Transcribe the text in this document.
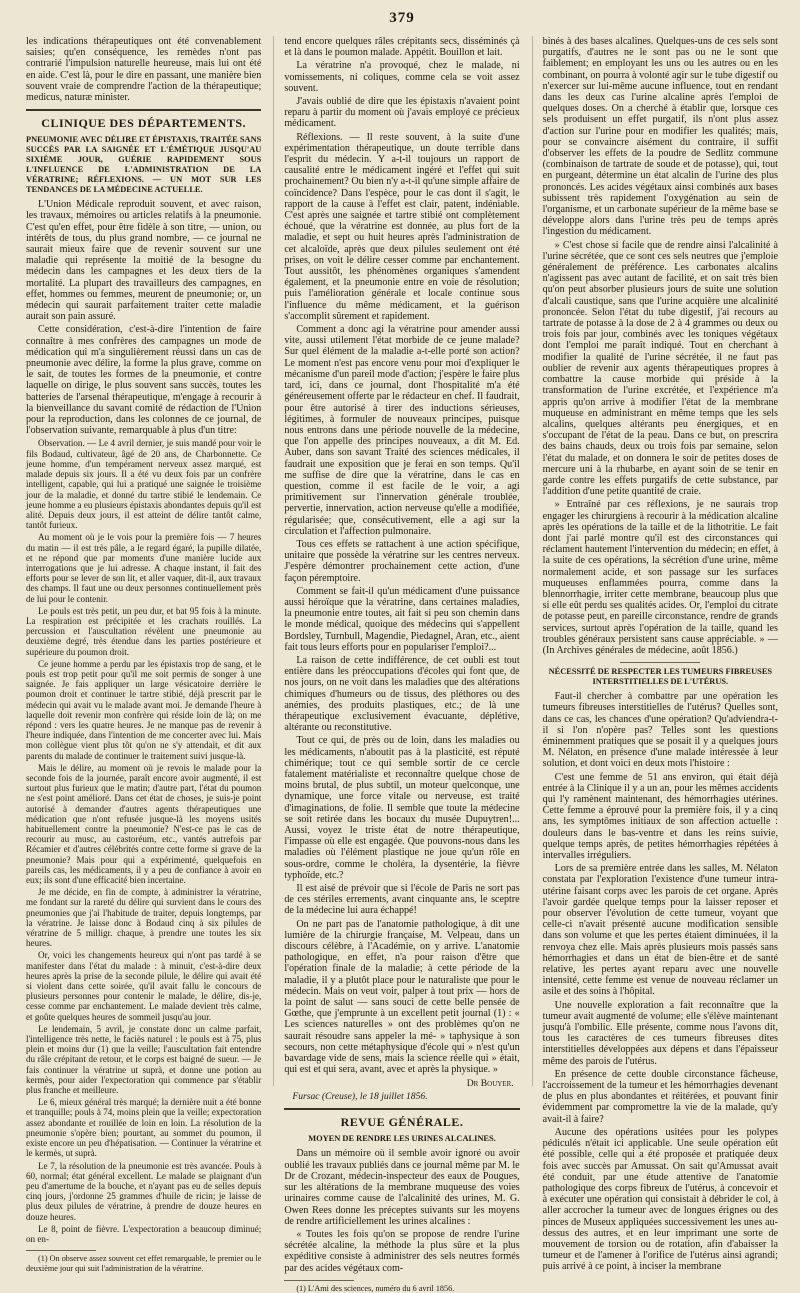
379

les indications thérapeutiques ont été convenablement saisies; qu'en conséquence, les remèdes n'ont pas contrarié l'impulsion naturelle heureuse, mais lui ont été en aide. C'est là, pour le dire en passant, une manière bien souvent vraie de comprendre l'action de la thérapeutique; medicus, naturæ minister.

CLINIQUE DES DÉPARTEMENTS.
PNEUMONIE AVEC DÉLIRE ET ÉPISTAXIS, TRAITÉE SANS SUCCÈS PAR LA SAIGNÉE ET L'ÉMÉTIQUE JUSQU'AU SIXIÈME JOUR, GUÉRIE RAPIDEMENT SOUS L'INFLUENCE DE L'ADMINISTRATION DE LA VÉRATRINE; RÉFLEXIONS. — UN MOT SUR LES TENDANCES DE LA MÉDECINE ACTUELLE.

L'Union Médicale reproduit souvent, et avec raison, les travaux, mémoires ou articles relatifs à la pneumonie. C'est qu'en effet, pour être fidèle à son titre, — union, ou intérêts de tous, du plus grand nombre, — ce journal ne saurait mieux faire que de revenir souvent sur une maladie qui représente la moitié de la besogne du médecin dans les campagnes et les deux tiers de la mortalité. La plupart des travailleurs des campagnes, en effet, hommes ou femmes, meurent de pneumonie; or, un médecin qui saurait parfaitement traiter cette maladie aurait son pain assuré.

Cette considération, c'est-à-dire l'intention de faire connaître à mes confrères des campagnes un mode de médication qui m'a singulièrement réussi dans un cas de pneumonie avec délire, la forme la plus grave, comme on le sait, de toutes les formes de la pneumonie, et contre laquelle on dirige, le plus souvent sans succès, toutes les batteries de l'arsenal thérapeutique, m'engage à recourir à la bienveillance du savant comité de rédaction de l'Union pour la reproduction, dans les colonnes de ce journal, de l'observation suivante, remarquable à plus d'un titre:

Observation. — Le 4 avril dernier, je suis mandé pour voir le fils Bodaud, cultivateur, âgé de 20 ans, de Charbonnette. Ce jeune homme, d'un tempérament nerveux assez marqué, est malade depuis six jours. Il a été vu deux fois par un confrère intelligent, capable, qui lui a pratiqué une saignée le troisième jour de la maladie, et donné du tartre stibié le lendemain. Ce jeune homme a eu plusieurs épistaxis abondantes depuis qu'il est alité. Depuis deux jours, il est atteint de délire tantôt calme, tantôt furieux.

Au moment où je le vois pour la première fois — 7 heures du matin — il est très pâle, a le regard égaré, la pupille dilatée, et ne répond que par moments d'une manière lucide aux interrogations que je lui adresse. A chaque instant, il fait des efforts pour se lever de son lit, et aller vaquer, dit-il, aux travaux des champs. Il faut une ou deux personnes continuellement près de lui pour le contenir.

Le pouls est très petit, un peu dur, et bat 95 fois à la minute. La respiration est précipitée et les crachats rouillés. La percussion et l'auscultation révèlent une pneumonie au deuxième degré, très étendue dans les parties postérieure et supérieure du poumon droit.

Ce jeune homme a perdu par les épistaxis trop de sang, et le pouls est trop petit pour qu'il me soit permis de songer à une saignée. Je fais appliquer un large vésicatoire derrière le poumon droit et continuer le tartre stibié, déjà prescrit par le médecin qui avait vu le malade avant moi. Je demande l'heure à laquelle doit revenir mon confrère qui réside loin de là; on me répond : vers les quatre heures. Je ne manque pas de revenir à l'heure indiquée, dans l'intention de me concerter avec lui. Mais mon collègue vient plus tôt qu'on ne s'y attendait, et dit aux parents du malade de continuer le traitement suivi jusque-là.

Mais le délire, au moment où je revois le malade pour la seconde fois de la journée, paraît encore avoir augmenté, il est surtout plus furieux que le matin; d'autre part, l'état du poumon ne s'est point amélioré. Dans cet état de choses, je suis-je point autorisé à demander d'autres agents thérapeutiques une médication que n'ont refusée jusque-là les moyens usités habituellement contre la pneumonie? N'est-ce pas le cas de recourir au musc, au castoréum, etc., vantés autrefois par Récamier et d'autres célébrités contre cette forme si grave de la pneumonie? Mais pour qui a expérimenté, quelquefois en pareils cas, les médicaments, il y a peu de confiance à avoir en eux; ils sont d'une efficacité bien incertaine.

Je me décide, en fin de compte, à administrer la vératrine, me fondant sur la rareté du délire qui survient dans le cours des pneumonies que j'ai l'habitude de traiter, depuis longtemps, par la vératrine. Je laisse donc à Bodaud cinq à six pilules de vératrine de 5 milligr. chaque, à prendre une toutes les six heures.

Or, voici les changements heureux qui n'ont pas tardé à se manifester dans l'état du malade : à minuit, c'est-à-dire deux heures après la prise de la seconde pilule, le délire qui avait été si violent dans cette soirée, qu'il avait fallu le concours de plusieurs personnes pour contenir le malade, le délire, dis-je, cesse comme par enchantement. Le malade devient très calme, et goûte quelques heures de sommeil jusqu'au jour.

Le lendemain, 5 avril, je constate donc un calme parfait, l'intelligence très nette, le faciès naturel : le pouls est à 75, plus plein et moins dur (1) que la veille; l'auscultation fait entendre du râle crépitant de retour, et le corps est baigné de sueur. — Je fais continuer la vératrine ut suprà, et donne une potion au kermès, pour aider l'expectoration qui commence par s'établir plus franche et meilleure.

Le 6, mieux général très marqué; la dernière nuit a été bonne et tranquille; pouls à 74, moins plein que la veille; expectoration assez abondante et rouillée de loin en loin. La résolution de la pneumonie s'opère bien; pourtant, au sommet du poumon, il existe encore un peu d'hépatisation. — Continuer la vératrine et le kermès, ut suprà.

Le 7, la résolution de la pneumonie est très avancée. Pouls à 60, normal; état général excellent. Le malade se plaignant d'un peu d'amertume de la bouche, et n'ayant pas eu de selles depuis cinq jours, j'ordonne 25 grammes d'huile de ricin; je laisse de plus deux pilules de vératrine, à prendre de douze heures en douze heures.

Le 8, point de fièvre. L'expectoration a beaucoup diminué; on en-

(1) On observe assez souvent cet effet remarquable, le premier ou le deuxième jour qui suit l'administration de la vératrine.

tend encore quelques râles crépitants secs, disséminés çà et là dans le poumon malade. Appétit. Bouillon et lait.

La vératrine n'a provoqué, chez le malade, ni vomissements, ni coliques, comme cela se voit assez souvent.

J'avais oublié de dire que les épistaxis n'avaient point reparu à partir du moment où j'avais employé ce précieux médicament.

Réflexions. — Il reste souvent, à la suite d'une expérimentation thérapeutique, un doute terrible dans l'esprit du médecin. Y a-t-il toujours un rapport de causalité entre le médicament ingéré et l'effet qui suit prochainement? Ou bien n'y a-t-il qu'une simple affaire de coïncidence? Dans l'espèce, pour le cas dont il s'agit, le rapport de la cause à l'effet est clair, patent, indéniable. C'est après une saignée et tartre stibié ont complètement échoué, que la vératrine est donnée, au plus fort de la maladie, et sept ou huit heures après l'administration de cet alcaloïde, après que deux pilules seulement ont été prises, on voit le délire cesser comme par enchantement. Tout aussitôt, les phénomènes organiques s'amendent également, et la pneumonie entre en voie de résolution; puis l'amélioration générale et locale continue sous l'influence du même médicament, et la guérison s'accomplit sûrement et rapidement.

Comment a donc agi la vératrine pour amender aussi vite, aussi utilement l'état morbide de ce jeune malade? Sur quel élément de la maladie a-t-elle porté son action? Le moment n'est pas encore venu pour moi d'expliquer le mécanisme d'un pareil mode d'action; j'espère le faire plus tard, ici, dans ce journal, dont l'hospitalité m'a été généreusement offerte par le rédacteur en chef. Il faudrait, pour être autorisé à tirer des inductions sérieuses, légitimes, à formuler de nouveaux principes, puisque nous entrons dans une période nouvelle de la médecine, que l'on appelle des principes nouveaux, a dit M. Ed. Auber, dans son savant Traité des sciences médicales, il faudrait une exposition que je ferai en son temps. Qu'il me suffise de dire que la vératrine, dans le cas en question, comme il est facile de le voir, a agi primitivement sur l'innervation générale troublée, pervertie, innervation, action nerveuse qu'elle a modifiée, régularisée; que, consécutivement, elle a agi sur la circulation et l'affection pulmonaire.

Tous ces effets se rattachent à une action spécifique, unitaire que possède la vératrine sur les centres nerveux. J'espère démontrer prochainement cette action, d'une façon péremptoire.

Comment se fait-il qu'un médicament d'une puissance aussi héroïque que la vératrine, dans certaines maladies, la pneumonie entre toutes, ait fait si peu son chemin dans le monde médical, quoique des médecins qui s'appellent Bordsley, Turnbull, Magendie, Piedagnel, Aran, etc., aient fait tous leurs efforts pour en populariser l'emploi?...

La raison de cette indifférence, de cet oubli est tout entière dans les préoccupations d'écoles qui font que, de nos jours, on ne voit dans les maladies que des altérations chimiques d'humeurs ou de tissus, des pléthores ou des anémies, des produits plastiques, etc.; de là une thérapeutique exclusivement évacuante, déplétive, altérante ou reconstitutive.

Tout ce qui, de près ou de loin, dans les maladies ou les médicaments, n'aboutit pas à la plasticité, est réputé chimérique; tout ce qui semble sortir de ce cercle fatalement matérialiste et reconnaître quelque chose de moins brutal, de plus subtil, un moteur quelconque, une dynamique, une force vitale ou nerveuse, est traité d'imaginations, de folie. Il semble que toute la médecine se soit retirée dans les bocaux du musée Dupuytren!... Aussi, voyez le triste état de notre thérapeutique, l'impasse où elle est engagée. Que pouvons-nous dans les maladies où l'élément plastique ne joue qu'un rôle en sous-ordre, comme le choléra, la dysentérie, la fièvre typhoïde, etc.?

Il est aisé de prévoir que si l'école de Paris ne sort pas de ces stériles errements, avant cinquante ans, le sceptre de la médecine lui aura échappé!

On ne part pas de l'anatomie pathologique, à dit une lumière de la chirurgie française, M. Velpeau, dans un discours célèbre, à l'Académie, on y arrive. L'anatomie pathologique, en effet, n'a pour raison d'être que l'opération finale de la maladie; à cette période de la maladie, il y a plutôt place pour le naturaliste que pour le médecin. Mais on veut voir, palper à tout prix — hors de la point de salut — sans souci de cette belle pensée de Gœthe, que j'emprunte à un excellent petit journal (1) : « Les sciences naturelles » ont des problèmes qu'on ne saurait résoudre sans appeler la mé- » taphysique à son secours, non cette métaphysique d'école qui » n'est qu'un bavardage vide de sens, mais la science réelle qui » était, qui est et qui sera, avant, avec et après la physique. »

Dr Bouyer.
Fursac (Creuse), le 18 juillet 1856.
REVUE GÉNÉRALE.
MOYEN DE RENDRE LES URINES ALCALINES.

Dans un mémoire où il semble avoir ignoré ou avoir oublié les travaux publiés dans ce journal même par M. le Dr de Crozant, médecin-inspecteur des eaux de Pougues, sur les altérations de la membrane muqueuse des voies urinaires comme cause de l'alcalinité des urines, M. G. Owen Rees donne les préceptes suivants sur les moyens de rendre artificiellement les urines alcalines :

« Toutes les fois qu'on se propose de rendre l'urine sécrétée alcaline, la méthode la plus sûre et la plus expéditive consiste à administrer des sels neutres formés par des acides végétaux com-

(1) L'Ami des sciences, numéro du 6 avril 1856.

binés à des bases alcalines. Quelques-uns de ces sels sont purgatifs, d'autres ne le sont pas ou ne le sont que faiblement; en employant les uns ou les autres ou en les combinant, on pourra à volonté agir sur le tube digestif ou n'exercer sur lui-même aucune influence, tout en rendant dans les deux cas l'urine alcaline après l'emploi de quelques doses. On a cherché à établir que, lorsque ces sels produisent un effet purgatif, ils n'ont plus assez d'action sur l'urine pour en modifier les qualités; mais, pour se convaincre aisément du contraire, il suffit d'observer les effets de la poudre de Sedlitz commune (combinaison de tartrate de soude et de potasse), qui, tout en purgeant, détermine un état alcalin de l'urine des plus prononcés. Les acides végétaux ainsi combinés aux bases subissent très rapidement l'oxygénation au sein de l'organisme, et un carbonate supérieur de la même base se développe alors dans l'urine très peu de temps après l'ingestion du médicament.

» C'est chose si facile que de rendre ainsi l'alcalinité à l'urine sécrétée, que ce sont ces sels neutres que j'emploie généralement de préférence. Les carbonates alcalins n'agissent pas avec autant de facilité, et on sait très bien qu'on peut absorber plusieurs jours de suite une solution d'alcali caustique, sans que l'urine acquière une alcalinité prononcée. Selon l'état du tube digestif, j'ai recours au tartrate de potasse à la dose de 2 à 4 grammes ou deux ou trois fois par jour, combinés avec les toniques végétaux dont l'emploi me paraît indiqué. Tout en cherchant à modifier la qualité de l'urine sécrétée, il ne faut pas oublier de revenir aux agents thérapeutiques propres à combattre la cause morbide qui préside à la transformation de l'urine excrétée, et l'expérience m'a appris qu'on arrive à modifier l'état de la membrane muqueuse en administrant en même temps que les sels alcalins, quelques altérants peu énergiques, et en s'occupant de l'état de la peau. Dans ce but, on prescrira des bains chauds, deux ou trois fois par semaine, selon l'état du malade, et on donnera le soir de petites doses de mercure uni à la rhubarbe, en ayant soin de se tenir en garde contre les effets purgatifs de cette substance, par l'addition d'une petite quantité de craie.

» Entraîné par ces réflexions, je ne saurais trop engager les chirurgiens à recourir à la médication alcaline après les opérations de la taille et de la lithotritie. Le fait dont j'ai parlé montre qu'il est des circonstances qui réclament hautement l'intervention du médecin; en effet, à la suite de ces opérations, la sécrétion d'une urine, même normalement acide, et son passage sur les surfaces muqueuses enflammées pourra, comme dans la blennorrhagie, irriter cette membrane, beaucoup plus que si elle eût perdu ses qualités acides. Or, l'emploi du citrate de potasse peut, en pareille circonstance, rendre de grands services, surtout après l'opération de la taille, quand les troubles généraux persistent sans cause appréciable. » — (In Archives générales de médecine, août 1856.)

NÉCESSITÉ DE RESPECTER LES TUMEURS FIBREUSES INTERSTITIELLES DE L'UTÉRUS.

Faut-il chercher à combattre par une opération les tumeurs fibreuses interstitielles de l'utérus? Quelles sont, dans ce cas, les chances d'une opération? Qu'adviendra-t-il si l'on n'opère pas? Telles sont les questions éminemment pratiques que se posait il y a quelques jours M. Nélaton, en présence d'une malade intéressée à leur solution, et dont voici en deux mots l'histoire :

C'est une femme de 51 ans environ, qui était déjà entrée à la Clinique il y a un an, pour les mêmes accidents qui l'y ramènent maintenant, des hémorrhagies utérines. Cette femme a éprouvé pour la première fois, il y a cinq ans, les symptômes initiaux de son affection actuelle : douleurs dans le bas-ventre et dans les reins suivie, quelque temps après, de petites hémorrhagies répétées à intervalles irréguliers.

Lors de sa première entrée dans les salles, M. Nélaton constata par l'exploration l'existence d'une tumeur intra-utérine faisant corps avec les parois de cet organe. Après l'avoir gardée quelque temps pour la laisser reposer et pour observer l'évolution de cette tumeur, voyant que celle-ci n'avait présenté aucune modification sensible dans son volume et que les pertes étaient diminuées, il la renvoya chez elle. Mais après plusieurs mois passés sans hémorrhagies et dans un état de bien-être et de santé relative, les pertes ayant reparu avec une nouvelle intensité, cette femme est venue de nouveau réclamer un asile et des soins à l'hôpital.

Une nouvelle exploration a fait reconnaître que la tumeur avait augmenté de volume; elle s'élève maintenant jusqu'à l'ombilic. Elle présente, comme nous l'avons dit, tous les caractères de ces tumeurs fibreuses dites interstitielles développées aux dépens et dans l'épaisseur même des parois de l'utérus.

En présence de cette double circonstance fâcheuse, l'accroissement de la tumeur et les hémorrhagies devenant de plus en plus abondantes et réitérées, et pouvant finir évidemment par compromettre la vie de la malade, qu'y avait-il à faire?

Aucune des opérations usitées pour les polypes pédiculés n'était ici applicable. Une seule opération eût été possible, celle qui a été proposée et pratiquée deux fois avec succès par Amussat. On sait qu'Amussat avait été conduit, par une étude attentive de l'anatomie pathologique des corps fibreux de l'utérus, à concevoir et à exécuter une opération qui consistait à débrider le col, à aller accrocher la tumeur avec de longues érignes ou des pinces de Museux appliquées successivement les unes au-dessus des autres, et en leur imprimant une sorte de mouvement de torsion ou de rotation, afin d'abaisser la tumeur et de l'amener à l'orifice de l'utérus ainsi agrandi; puis arrivé à ce point, à inciser la membrane
